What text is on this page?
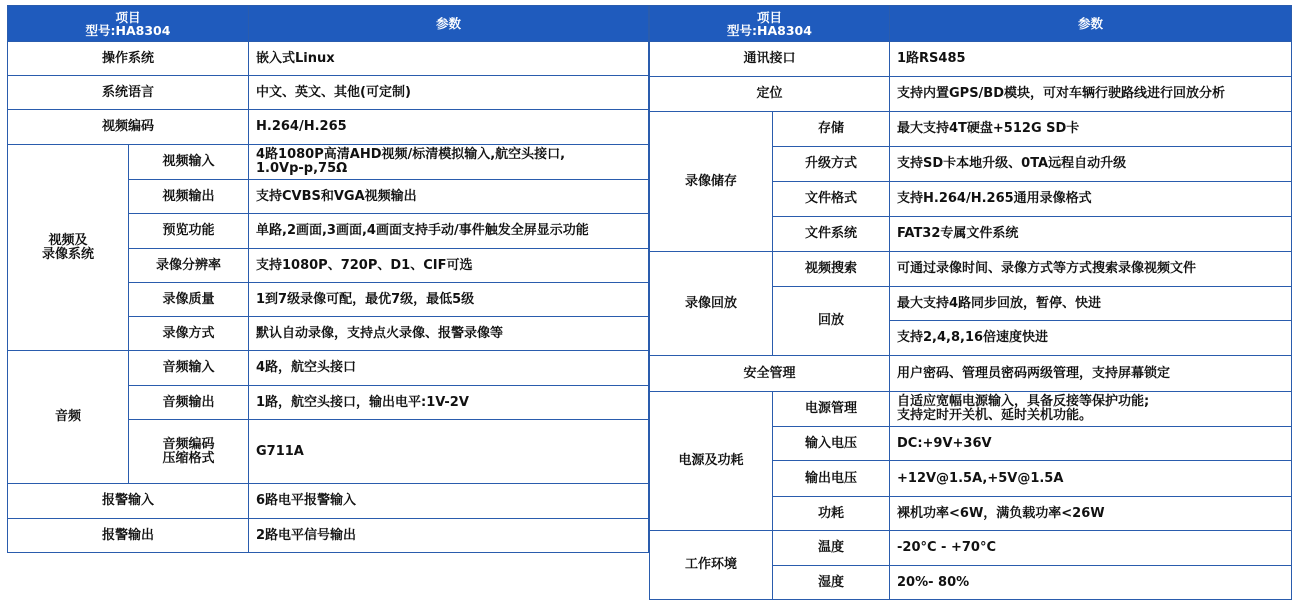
项目
型号:HA8304		参数
操作系统		嵌入式Linux
系统语言		中文、英文、其他(可定制)
视频编码		H.264/H.265

视频及
录像系统	视频输入	4路1080P高清AHD视频/标清模拟输入,航空头接口,
1.0Vp-p,75Ω

	视频输出	支持CVBS和VGA视频输出
	预览功能	单路,2画面,3画面,4画面支持手动/事件触发全屏显示功能
	录像分辨率	支持1080P、720P、D1、CIF可选
	录像质量	1到7级录像可配，最优7级，最低5级
	录像方式	默认自动录像，支持点火录像、报警录像等
音频	音频输入	4路，航空头接口
	音频输出	1路，航空头接口，输出电平:1V-2V

	音频编码
压缩格式	G711A
报警输入		6路电平报警输入
报警输出		2路电平信号输出
项目
型号:HA8304		参数
通讯接口		1路RS485
定位		支持内置GPS/BD模块，可对车辆行驶路线进行回放分析
录像储存	存储	最大支持4T硬盘+512G SD卡
	升级方式	支持SD卡本地升级、0TA远程自动升级
	文件格式	支持H.264/H.265通用录像格式
	文件系统	FAT32专属文件系统
录像回放	视频搜索	可通过录像时间、录像方式等方式搜索录像视频文件
	回放	最大支持4路同步回放，暂停、快进
		支持2,4,8,16倍速度快进
安全管理		用户密码、管理员密码两级管理，支持屏幕锁定
电源及功耗	电源管理	自适应宽幅电源输入，具备反接等保护功能;
支持定时开关机、延时关机功能。

	输入电压	DC:+9V+36V
	输出电压	+12V@1.5A,+5V@1.5A
	功耗	裸机功率<6W，满负载功率<26W
工作环境	温度	-20°C - +70°C
	湿度	20%- 80%
